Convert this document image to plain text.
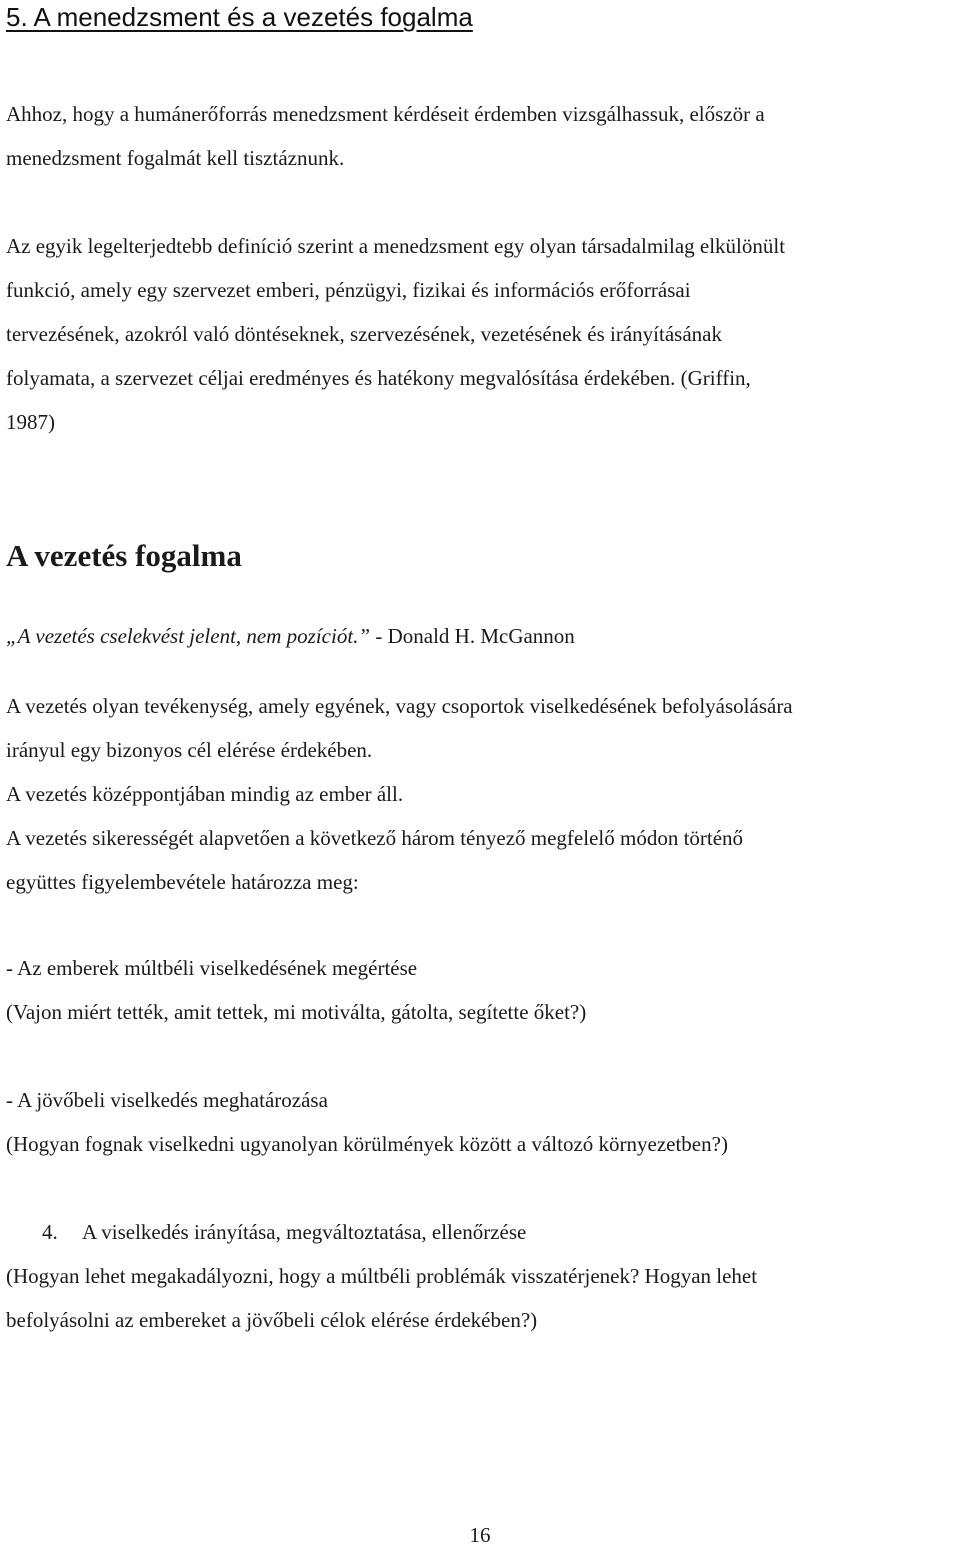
5. A menedzsment és a vezetés fogalma
Ahhoz, hogy a humánerőforrás menedzsment kérdéseit érdemben vizsgálhassuk, először a
menedzsment fogalmát kell tisztáznunk.
Az egyik legelterjedtebb definíció szerint a menedzsment egy olyan társadalmilag elkülönült
funkció, amely egy szervezet emberi, pénzügyi, fizikai és információs erőforrásai
tervezésének, azokról való döntéseknek, szervezésének, vezetésének és irányításának
folyamata, a szervezet céljai eredményes és hatékony megvalósítása érdekében. (Griffin,
1987)
A vezetés fogalma
„A vezetés cselekvést jelent, nem pozíciót.” - Donald H. McGannon
A vezetés olyan tevékenység, amely egyének, vagy csoportok viselkedésének befolyásolására
irányul egy bizonyos cél elérése érdekében.
A vezetés középpontjában mindig az ember áll.
A vezetés sikerességét alapvetően a következő három tényező megfelelő módon történő
együttes figyelembevétele határozza meg:
- Az emberek múltbéli viselkedésének megértése
(Vajon miért tették, amit tettek, mi motiválta, gátolta, segítette őket?)
- A jövőbeli viselkedés meghatározása
(Hogyan fognak viselkedni ugyanolyan körülmények között a változó környezetben?)
4. A viselkedés irányítása, megváltoztatása, ellenőrzése
(Hogyan lehet megakadályozni, hogy a múltbéli problémák visszatérjenek? Hogyan lehet
befolyásolni az embereket a jövőbeli célok elérése érdekében?)
16
